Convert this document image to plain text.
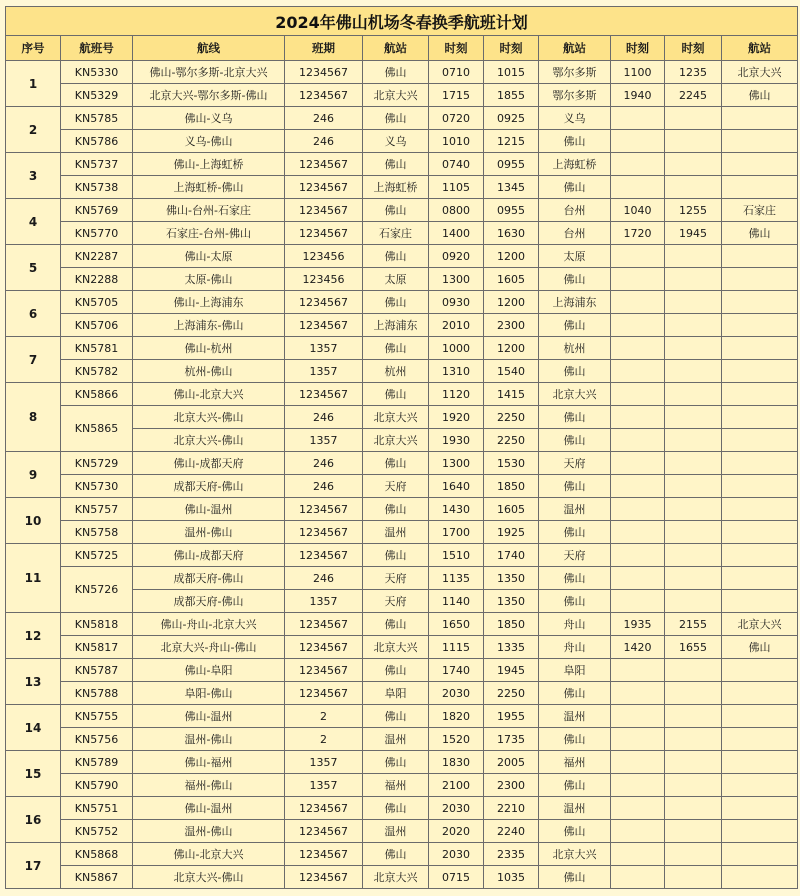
2024年佛山机场冬春换季航班计划										
序号	航班号	航线	班期	航站	时刻	时刻	航站	时刻	时刻	航站
1	KN5330	佛山-鄂尔多斯-北京大兴	1234567	佛山	0710	1015	鄂尔多斯	1100	1235	北京大兴
	KN5329	北京大兴-鄂尔多斯-佛山	1234567	北京大兴	1715	1855	鄂尔多斯	1940	2245	佛山
2	KN5785	佛山-义乌	246	佛山	0720	0925	义乌			
	KN5786	义乌-佛山	246	义乌	1010	1215	佛山			
3	KN5737	佛山-上海虹桥	1234567	佛山	0740	0955	上海虹桥			
	KN5738	上海虹桥-佛山	1234567	上海虹桥	1105	1345	佛山			
4	KN5769	佛山-台州-石家庄	1234567	佛山	0800	0955	台州	1040	1255	石家庄
	KN5770	石家庄-台州-佛山	1234567	石家庄	1400	1630	台州	1720	1945	佛山
5	KN2287	佛山-太原	123456	佛山	0920	1200	太原			
	KN2288	太原-佛山	123456	太原	1300	1605	佛山			
6	KN5705	佛山-上海浦东	1234567	佛山	0930	1200	上海浦东			
	KN5706	上海浦东-佛山	1234567	上海浦东	2010	2300	佛山			
7	KN5781	佛山-杭州	1357	佛山	1000	1200	杭州			
	KN5782	杭州-佛山	1357	杭州	1310	1540	佛山			
8	KN5866	佛山-北京大兴	1234567	佛山	1120	1415	北京大兴			
	KN5865	北京大兴-佛山	246	北京大兴	1920	2250	佛山			
		北京大兴-佛山	1357	北京大兴	1930	2250	佛山			
9	KN5729	佛山-成都天府	246	佛山	1300	1530	天府			
	KN5730	成都天府-佛山	246	天府	1640	1850	佛山			
10	KN5757	佛山-温州	1234567	佛山	1430	1605	温州			
	KN5758	温州-佛山	1234567	温州	1700	1925	佛山			
11	KN5725	佛山-成都天府	1234567	佛山	1510	1740	天府			
	KN5726	成都天府-佛山	246	天府	1135	1350	佛山			
		成都天府-佛山	1357	天府	1140	1350	佛山			
12	KN5818	佛山-舟山-北京大兴	1234567	佛山	1650	1850	舟山	1935	2155	北京大兴
	KN5817	北京大兴-舟山-佛山	1234567	北京大兴	1115	1335	舟山	1420	1655	佛山
13	KN5787	佛山-阜阳	1234567	佛山	1740	1945	阜阳			
	KN5788	阜阳-佛山	1234567	阜阳	2030	2250	佛山			
14	KN5755	佛山-温州	2	佛山	1820	1955	温州			
	KN5756	温州-佛山	2	温州	1520	1735	佛山			
15	KN5789	佛山-福州	1357	佛山	1830	2005	福州			
	KN5790	福州-佛山	1357	福州	2100	2300	佛山			
16	KN5751	佛山-温州	1234567	佛山	2030	2210	温州			
	KN5752	温州-佛山	1234567	温州	2020	2240	佛山			
17	KN5868	佛山-北京大兴	1234567	佛山	2030	2335	北京大兴			
	KN5867	北京大兴-佛山	1234567	北京大兴	0715	1035	佛山			
